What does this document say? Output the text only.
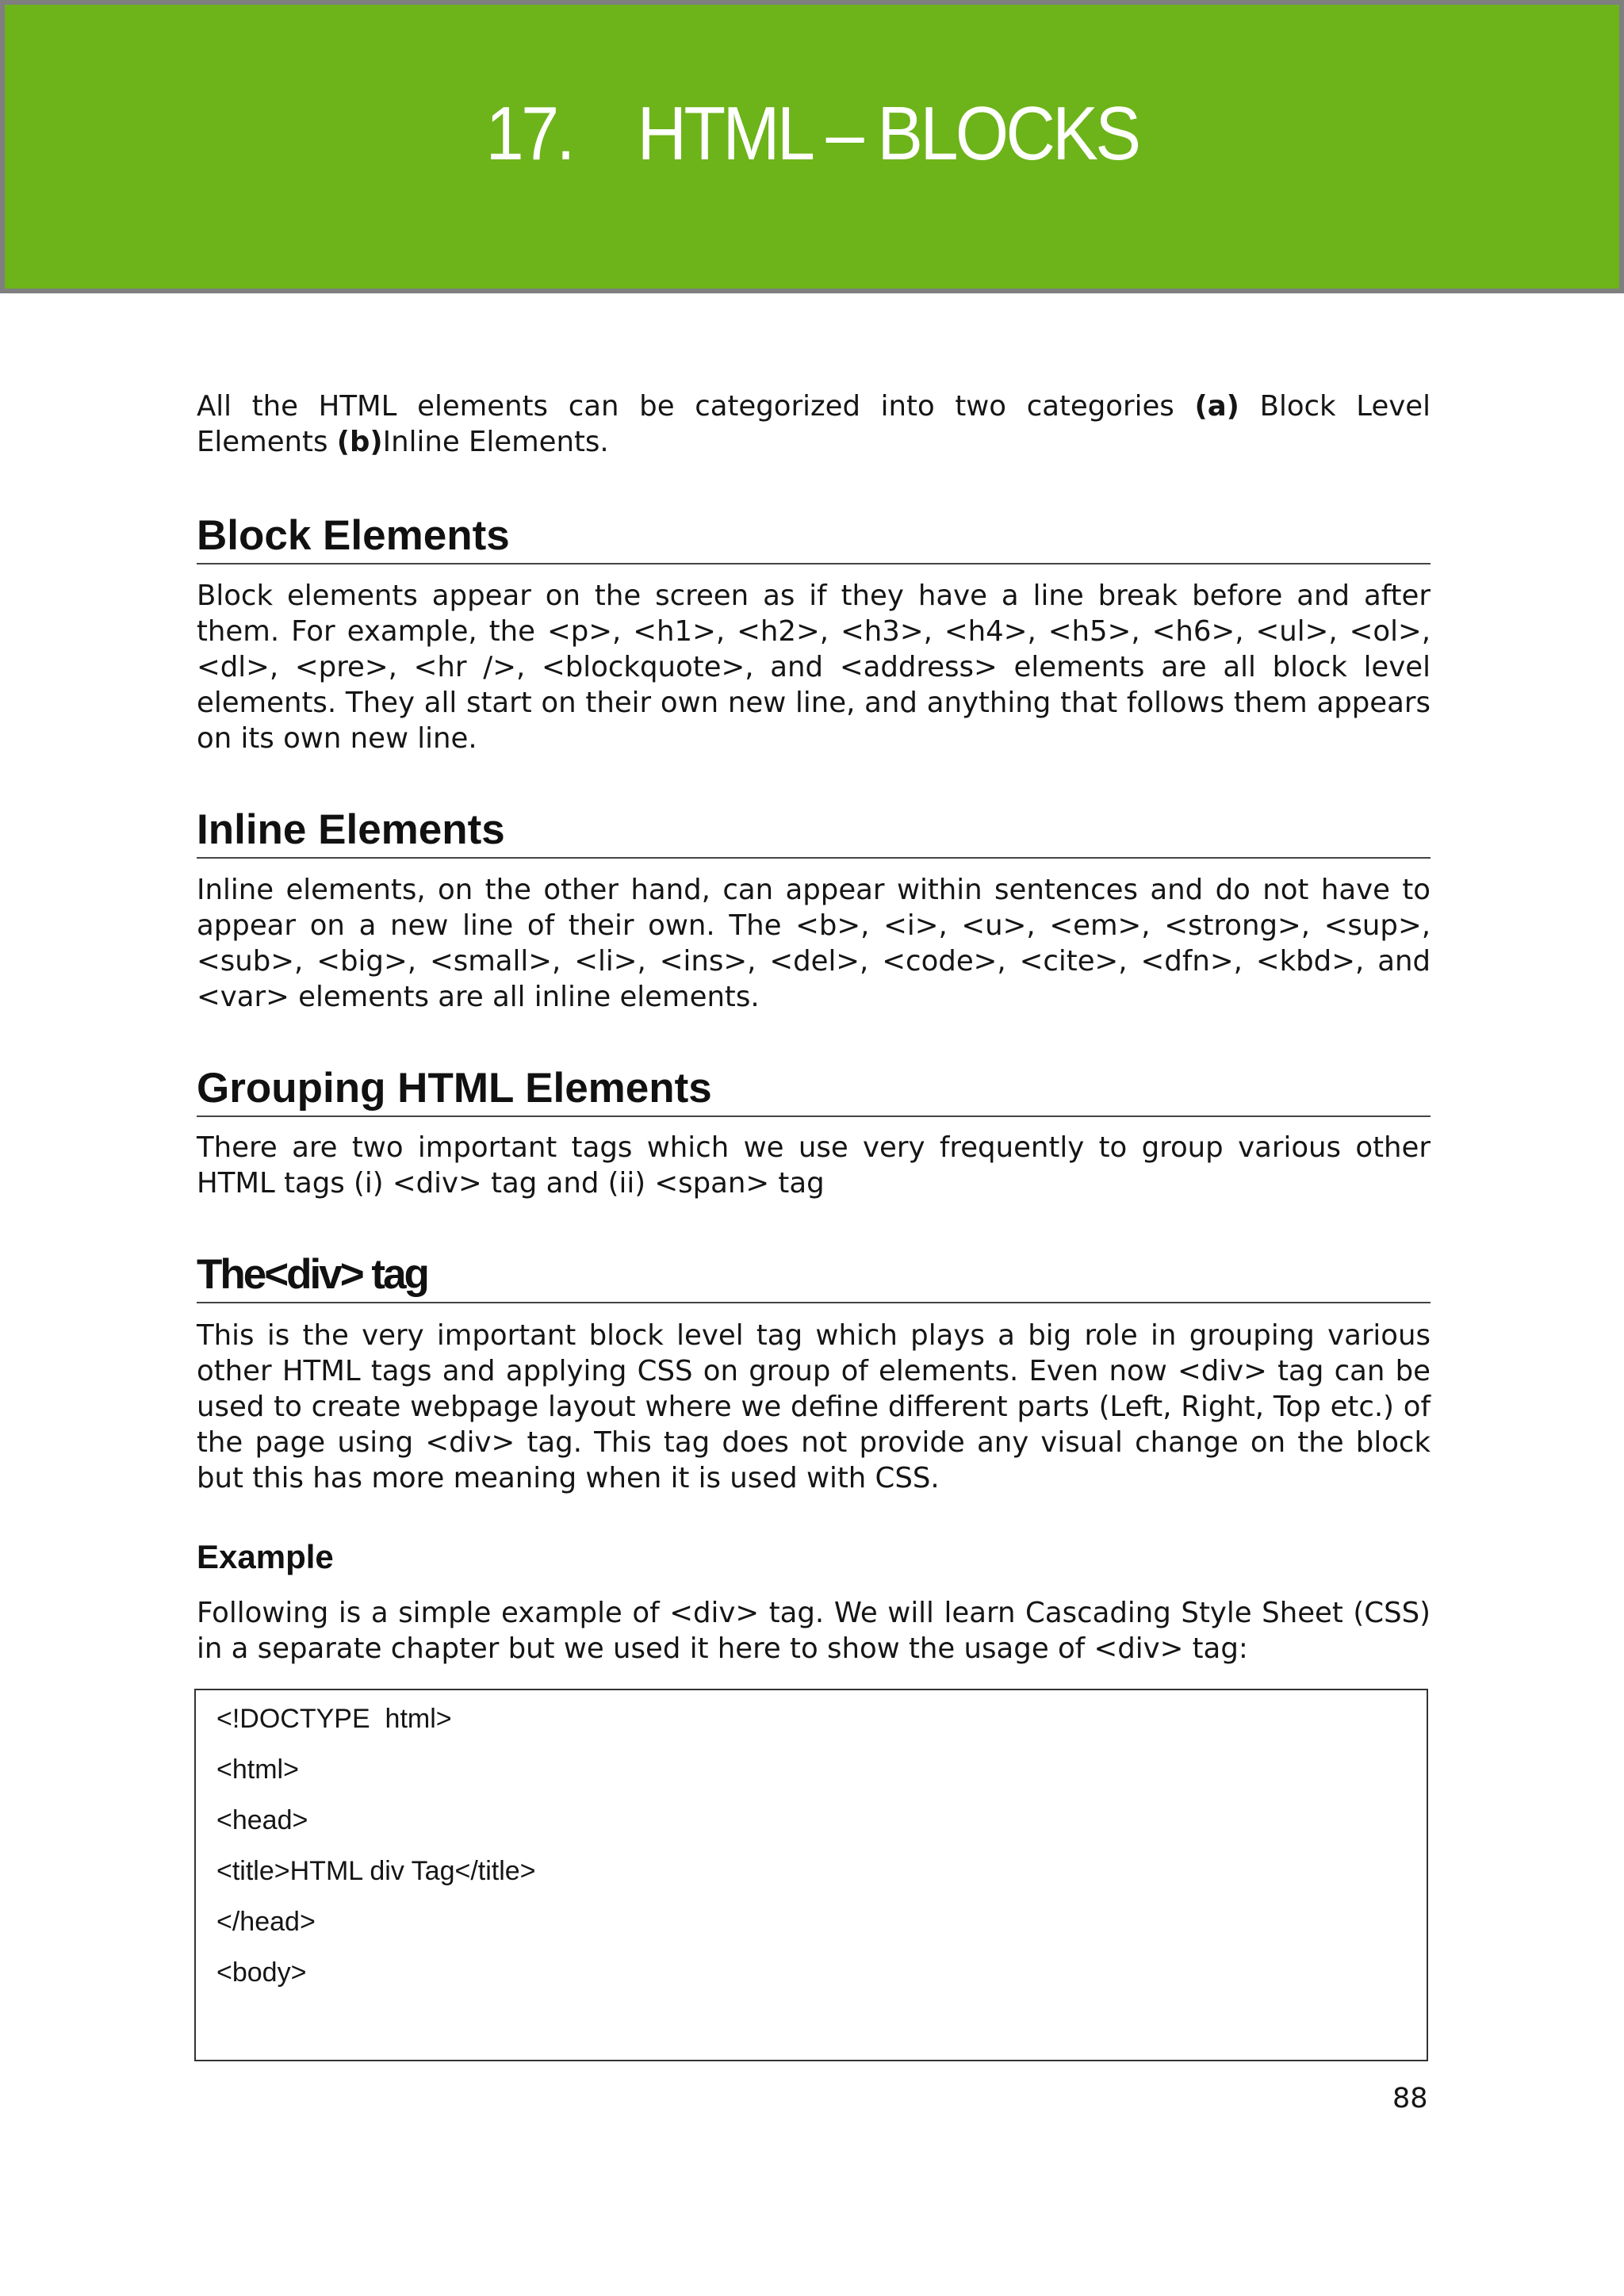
17.    HTML – BLOCKS
All the HTML elements can be categorized into two categories (a) Block Level Elements (b)Inline Elements.
Block Elements
Block elements appear on the screen as if they have a line break before and after them. For example, the <p>, <h1>, <h2>, <h3>, <h4>, <h5>, <h6>, <ul>, <ol>, <dl>, <pre>, <hr />, <blockquote>, and <address> elements are all block level elements. They all start on their own new line, and anything that follows them appears on its own new line.
Inline Elements
Inline elements, on the other hand, can appear within sentences and do not have to appear on a new line of their own. The <b>, <i>, <u>, <em>, <strong>, <sup>, <sub>, <big>, <small>, <li>, <ins>, <del>, <code>, <cite>, <dfn>, <kbd>, and <var> elements are all inline elements.
Grouping HTML Elements
There are two important tags which we use very frequently to group various other HTML tags (i) <div> tag and (ii) <span> tag
The<div> tag
This is the very important block level tag which plays a big role in grouping various other HTML tags and applying CSS on group of elements. Even now <div> tag can be used to create webpage layout where we define different parts (Left, Right, Top etc.) of the page using <div> tag. This tag does not provide any visual change on the block but this has more meaning when it is used with CSS.
Example
Following is a simple example of <div> tag. We will learn Cascading Style Sheet (CSS) in a separate chapter but we used it here to show the usage of <div> tag:
<!DOCTYPE  html>
<html>
<head>
<title>HTML div Tag</title>
</head>
<body>
88
